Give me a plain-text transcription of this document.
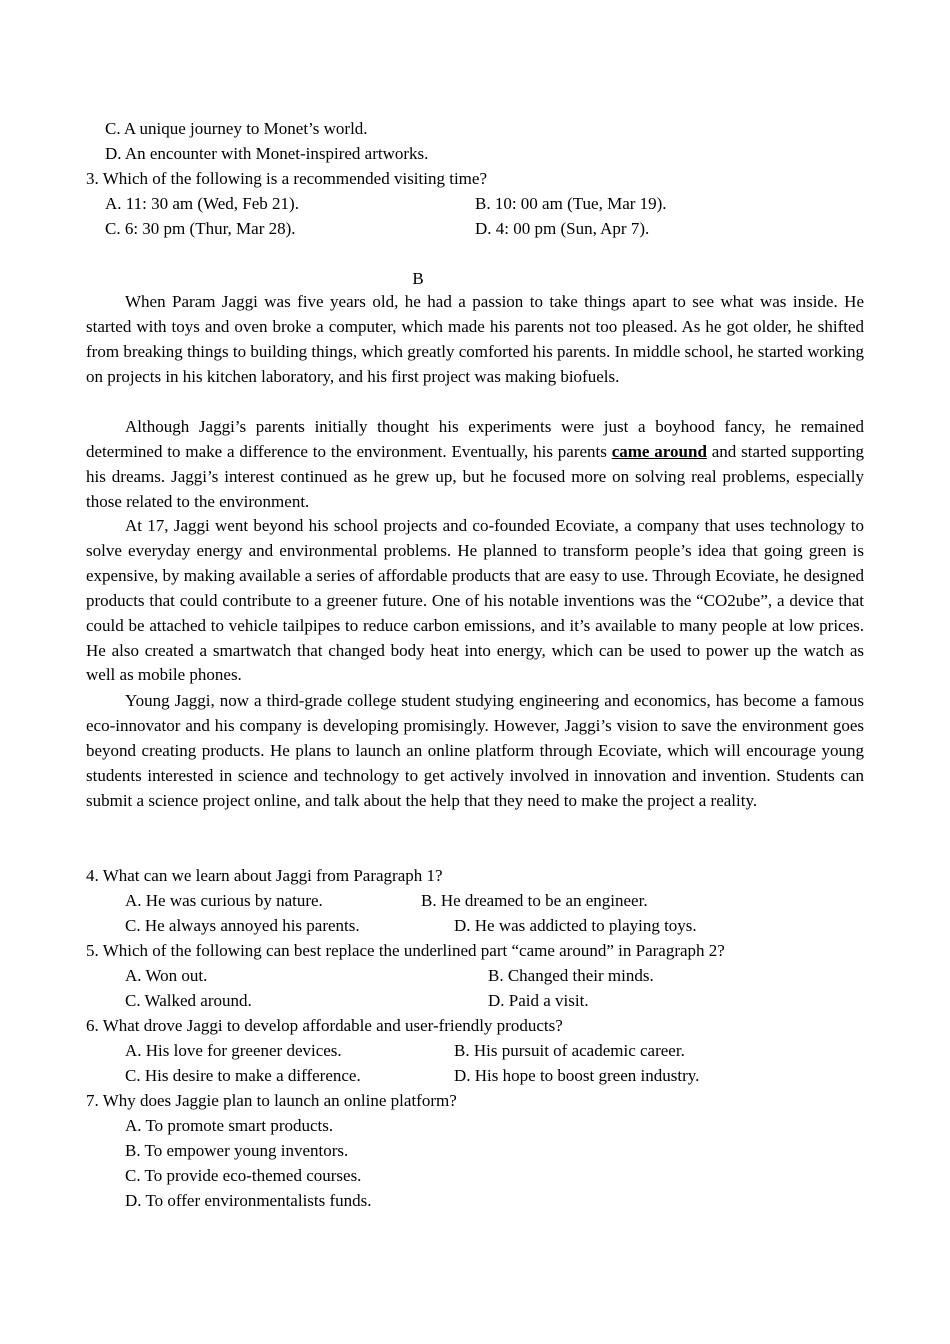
C. A unique journey to Monet’s world.
D. An encounter with Monet-inspired artworks.
3. Which of the following is a recommended visiting time?
A. 11: 30 am (Wed, Feb 21).	B. 10: 00 am (Tue, Mar 19).
C. 6: 30 pm (Thur, Mar 28).	D. 4: 00 pm (Sun, Apr 7).
B

When Param Jaggi was five years old, he had a passion to take things apart to see what was inside. He started with toys and oven broke a computer, which made his parents not too pleased. As he got older, he shifted from breaking things to building things, which greatly comforted his parents. In middle school, he started working on projects in his kitchen laboratory, and his first project was making biofuels.

Although Jaggi’s parents initially thought his experiments were just a boyhood fancy, he remained determined to make a difference to the environment. Eventually, his parents came around and started supporting his dreams. Jaggi’s interest continued as he grew up, but he focused more on solving real problems, especially those related to the environment.

At 17, Jaggi went beyond his school projects and co-founded Ecoviate, a company that uses technology to solve everyday energy and environmental problems. He planned to transform people’s idea that going green is expensive, by making available a series of affordable products that are easy to use. Through Ecoviate, he designed products that could contribute to a greener future. One of his notable inventions was the “CO2ube”, a device that could be attached to vehicle tailpipes to reduce carbon emissions, and it’s available to many people at low prices. He also created a smartwatch that changed body heat into energy, which can be used to power up the watch as well as mobile phones.

Young Jaggi, now a third-grade college student studying engineering and economics, has become a famous eco-innovator and his company is developing promisingly. However, Jaggi’s vision to save the environment goes beyond creating products. He plans to launch an online platform through Ecoviate, which will encourage young students interested in science and technology to get actively involved in innovation and invention. Students can submit a science project online, and talk about the help that they need to make the project a reality.

4. What can we learn about Jaggi from Paragraph 1?
A. He was curious by nature.	B. He dreamed to be an engineer.
C. He always annoyed his parents.	D. He was addicted to playing toys.
5. Which of the following can best replace the underlined part “came around” in Paragraph 2?
A. Won out.	B. Changed their minds.
C. Walked around.	D. Paid a visit.
6. What drove Jaggi to develop affordable and user-friendly products?
A. His love for greener devices.	B. His pursuit of academic career.
C. His desire to make a difference.	D. His hope to boost green industry.
7. Why does Jaggie plan to launch an online platform?
A. To promote smart products.
B. To empower young inventors.
C. To provide eco-themed courses.
D. To offer environmentalists funds.
